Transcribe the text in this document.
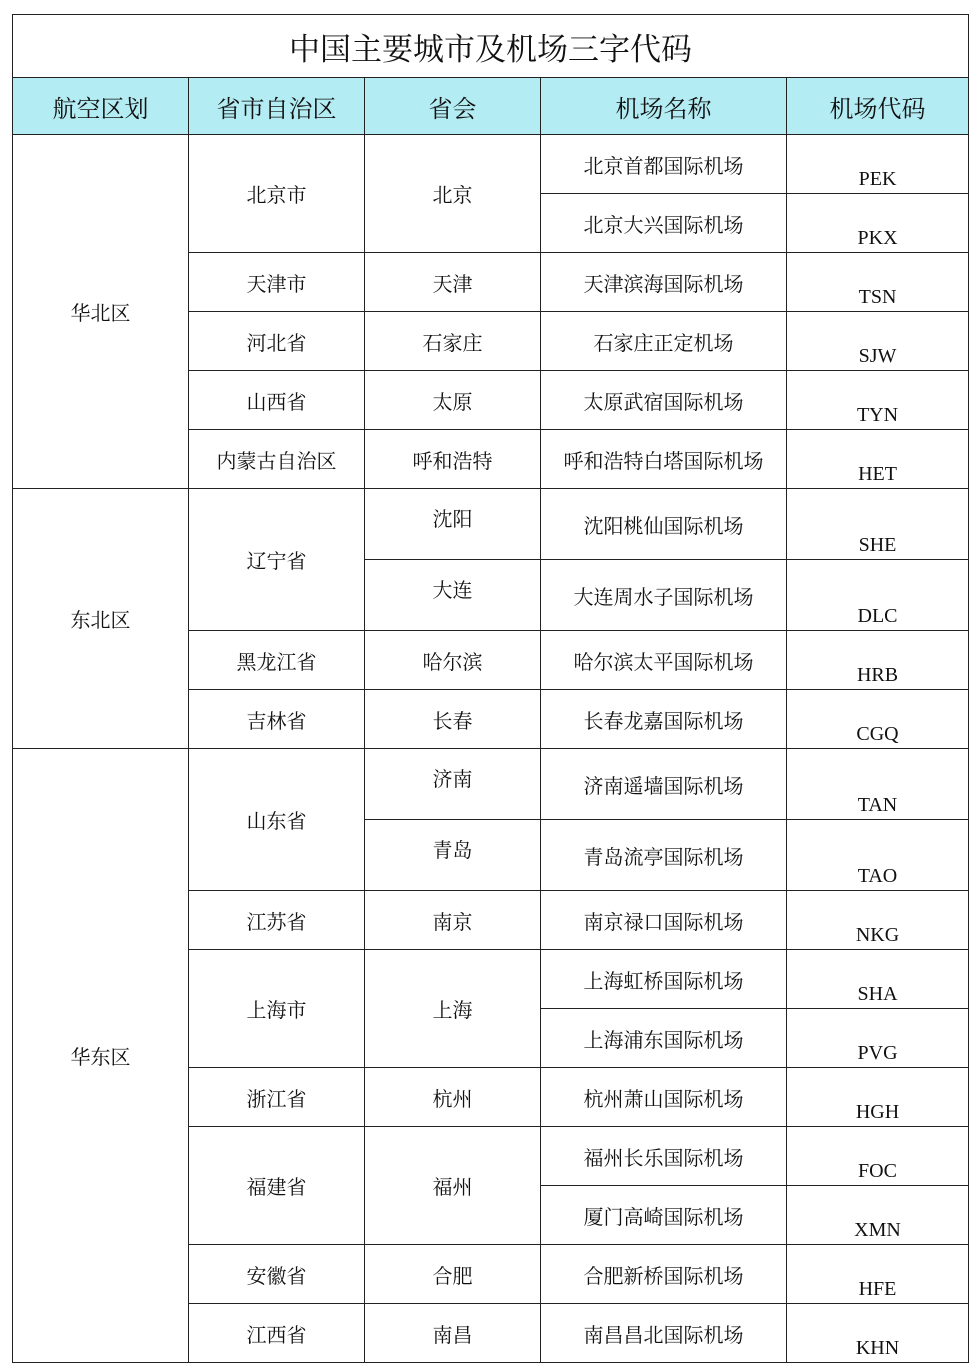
中国主要城市及机场三字代码				
航空区划	省市自治区	省会	机场名称	机场代码
华北区	北京市	北京	北京首都国际机场	PEK
			北京大兴国际机场	PKX
	天津市	天津	天津滨海国际机场	TSN
	河北省	石家庄	石家庄正定机场	SJW
	山西省	太原	太原武宿国际机场	TYN
	内蒙古自治区	呼和浩特	呼和浩特白塔国际机场	HET
东北区	辽宁省	沈阳	沈阳桃仙国际机场	SHE
		大连	大连周水子国际机场	DLC
	黑龙江省	哈尔滨	哈尔滨太平国际机场	HRB
	吉林省	长春	长春龙嘉国际机场	CGQ
华东区	山东省	济南	济南遥墙国际机场	TAN
		青岛	青岛流亭国际机场	TAO
	江苏省	南京	南京禄口国际机场	NKG
	上海市	上海	上海虹桥国际机场	SHA
			上海浦东国际机场	PVG
	浙江省	杭州	杭州萧山国际机场	HGH
	福建省	福州	福州长乐国际机场	FOC
			厦门高崎国际机场	XMN
	安徽省	合肥	合肥新桥国际机场	HFE
	江西省	南昌	南昌昌北国际机场	KHN
